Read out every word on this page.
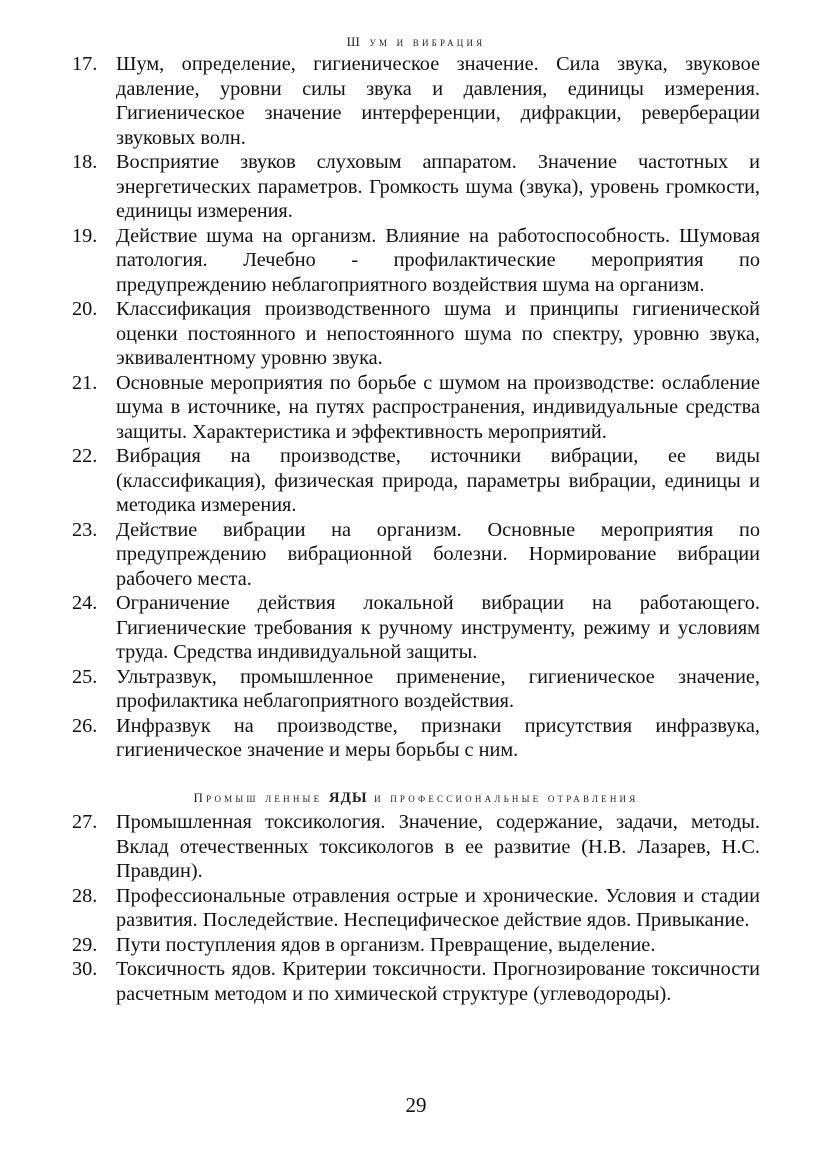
Ш ум и вибрация
17. Шум, определение, гигиеническое значение. Сила звука, звуковое давление, уровни силы звука и давления, единицы измерения. Гигиеническое значение интерференции, дифракции, реверберации звуковых волн.
18. Восприятие звуков слуховым аппаратом. Значение частотных и энергетических параметров. Громкость шума (звука), уровень громкости, единицы измерения.
19. Действие шума на организм. Влияние на работоспособность. Шумовая патология. Лечебно - профилактические мероприятия по предупреждению неблагоприятного воздействия шума на организм.
20. Классификация производственного шума и принципы гигиенической оценки постоянного и непостоянного шума по спектру, уровню звука, эквивалентному уровню звука.
21. Основные мероприятия по борьбе с шумом на производстве: ослабление шума в источнике, на путях распространения, индивидуальные средства защиты. Характеристика и эффективность мероприятий.
22. Вибрация на производстве, источники вибрации, ее виды (классификация), физическая природа, параметры вибрации, единицы и методика измерения.
23. Действие вибрации на организм. Основные мероприятия по предупреждению вибрационной болезни. Нормирование вибрации рабочего места.
24. Ограничение действия локальной вибрации на работающего. Гигиенические требования к ручному инструменту, режиму и условиям труда. Средства индивидуальной защиты.
25. Ультразвук, промышленное применение, гигиеническое значение, профилактика неблагоприятного воздействия.
26. Инфразвук на производстве, признаки присутствия инфразвука, гигиеническое значение и меры борьбы с ним.
Промыш ленные ЯДЫ и профессиональные отравления
27. Промышленная токсикология. Значение, содержание, задачи, методы. Вклад отечественных токсикологов в ее развитие (Н.В. Лазарев, Н.С. Правдин).
28. Профессиональные отравления острые и хронические. Условия и стадии развития. Последействие. Неспецифическое действие ядов. Привыкание.
29. Пути поступления ядов в организм. Превращение, выделение.
30. Токсичность ядов. Критерии токсичности. Прогнозирование токсичности расчетным методом и по химической структуре (углеводороды).
29
